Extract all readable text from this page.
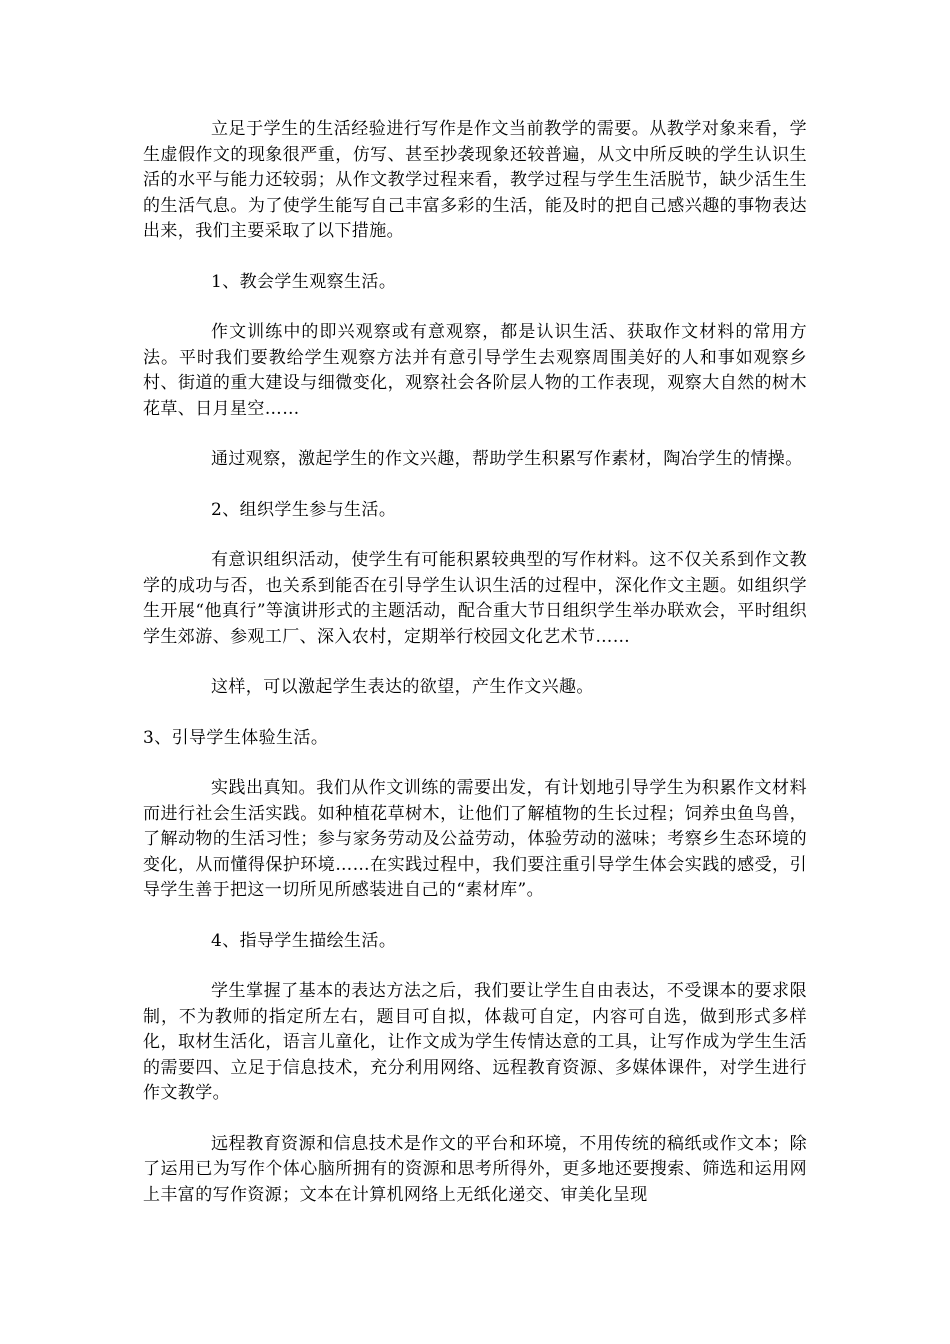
立足于学生的生活经验进行写作是作文当前教学的需要。从教学对象来看，学生虚假作文的现象很严重，仿写、甚至抄袭现象还较普遍，从文中所反映的学生认识生活的水平与能力还较弱；从作文教学过程来看，教学过程与学生生活脱节，缺少活生生的生活气息。为了使学生能写自己丰富多彩的生活，能及时的把自己感兴趣的事物表达出来，我们主要采取了以下措施。

1、教会学生观察生活。

作文训练中的即兴观察或有意观察，都是认识生活、获取作文材料的常用方法。平时我们要教给学生观察方法并有意引导学生去观察周围美好的人和事如观察乡村、街道的重大建设与细微变化，观察社会各阶层人物的工作表现，观察大自然的树木花草、日月星空……

通过观察，激起学生的作文兴趣，帮助学生积累写作素材，陶冶学生的情操。

2、组织学生参与生活。

有意识组织活动，使学生有可能积累较典型的写作材料。这不仅关系到作文教学的成功与否，也关系到能否在引导学生认识生活的过程中，深化作文主题。如组织学生开展“他真行”等演讲形式的主题活动，配合重大节日组织学生举办联欢会，平时组织学生郊游、参观工厂、深入农村，定期举行校园文化艺术节……

这样，可以激起学生表达的欲望，产生作文兴趣。

3、引导学生体验生活。

实践出真知。我们从作文训练的需要出发，有计划地引导学生为积累作文材料而进行社会生活实践。如种植花草树木，让他们了解植物的生长过程；饲养虫鱼鸟兽，了解动物的生活习性；参与家务劳动及公益劳动，体验劳动的滋味；考察乡生态环境的变化，从而懂得保护环境……在实践过程中，我们要注重引导学生体会实践的感受，引导学生善于把这一切所见所感装进自己的“素材库”。

4、指导学生描绘生活。

学生掌握了基本的表达方法之后，我们要让学生自由表达，不受课本的要求限制，不为教师的指定所左右，题目可自拟，体裁可自定，内容可自选，做到形式多样化，取材生活化，语言儿童化，让作文成为学生传情达意的工具，让写作成为学生生活的需要四、立足于信息技术，充分利用网络、远程教育资源、多媒体课件，对学生进行作文教学。

远程教育资源和信息技术是作文的平台和环境，不用传统的稿纸或作文本；除了运用已为写作个体心脑所拥有的资源和思考所得外，更多地还要搜索、筛选和运用网上丰富的写作资源；文本在计算机网络上无纸化递交、审美化呈现
